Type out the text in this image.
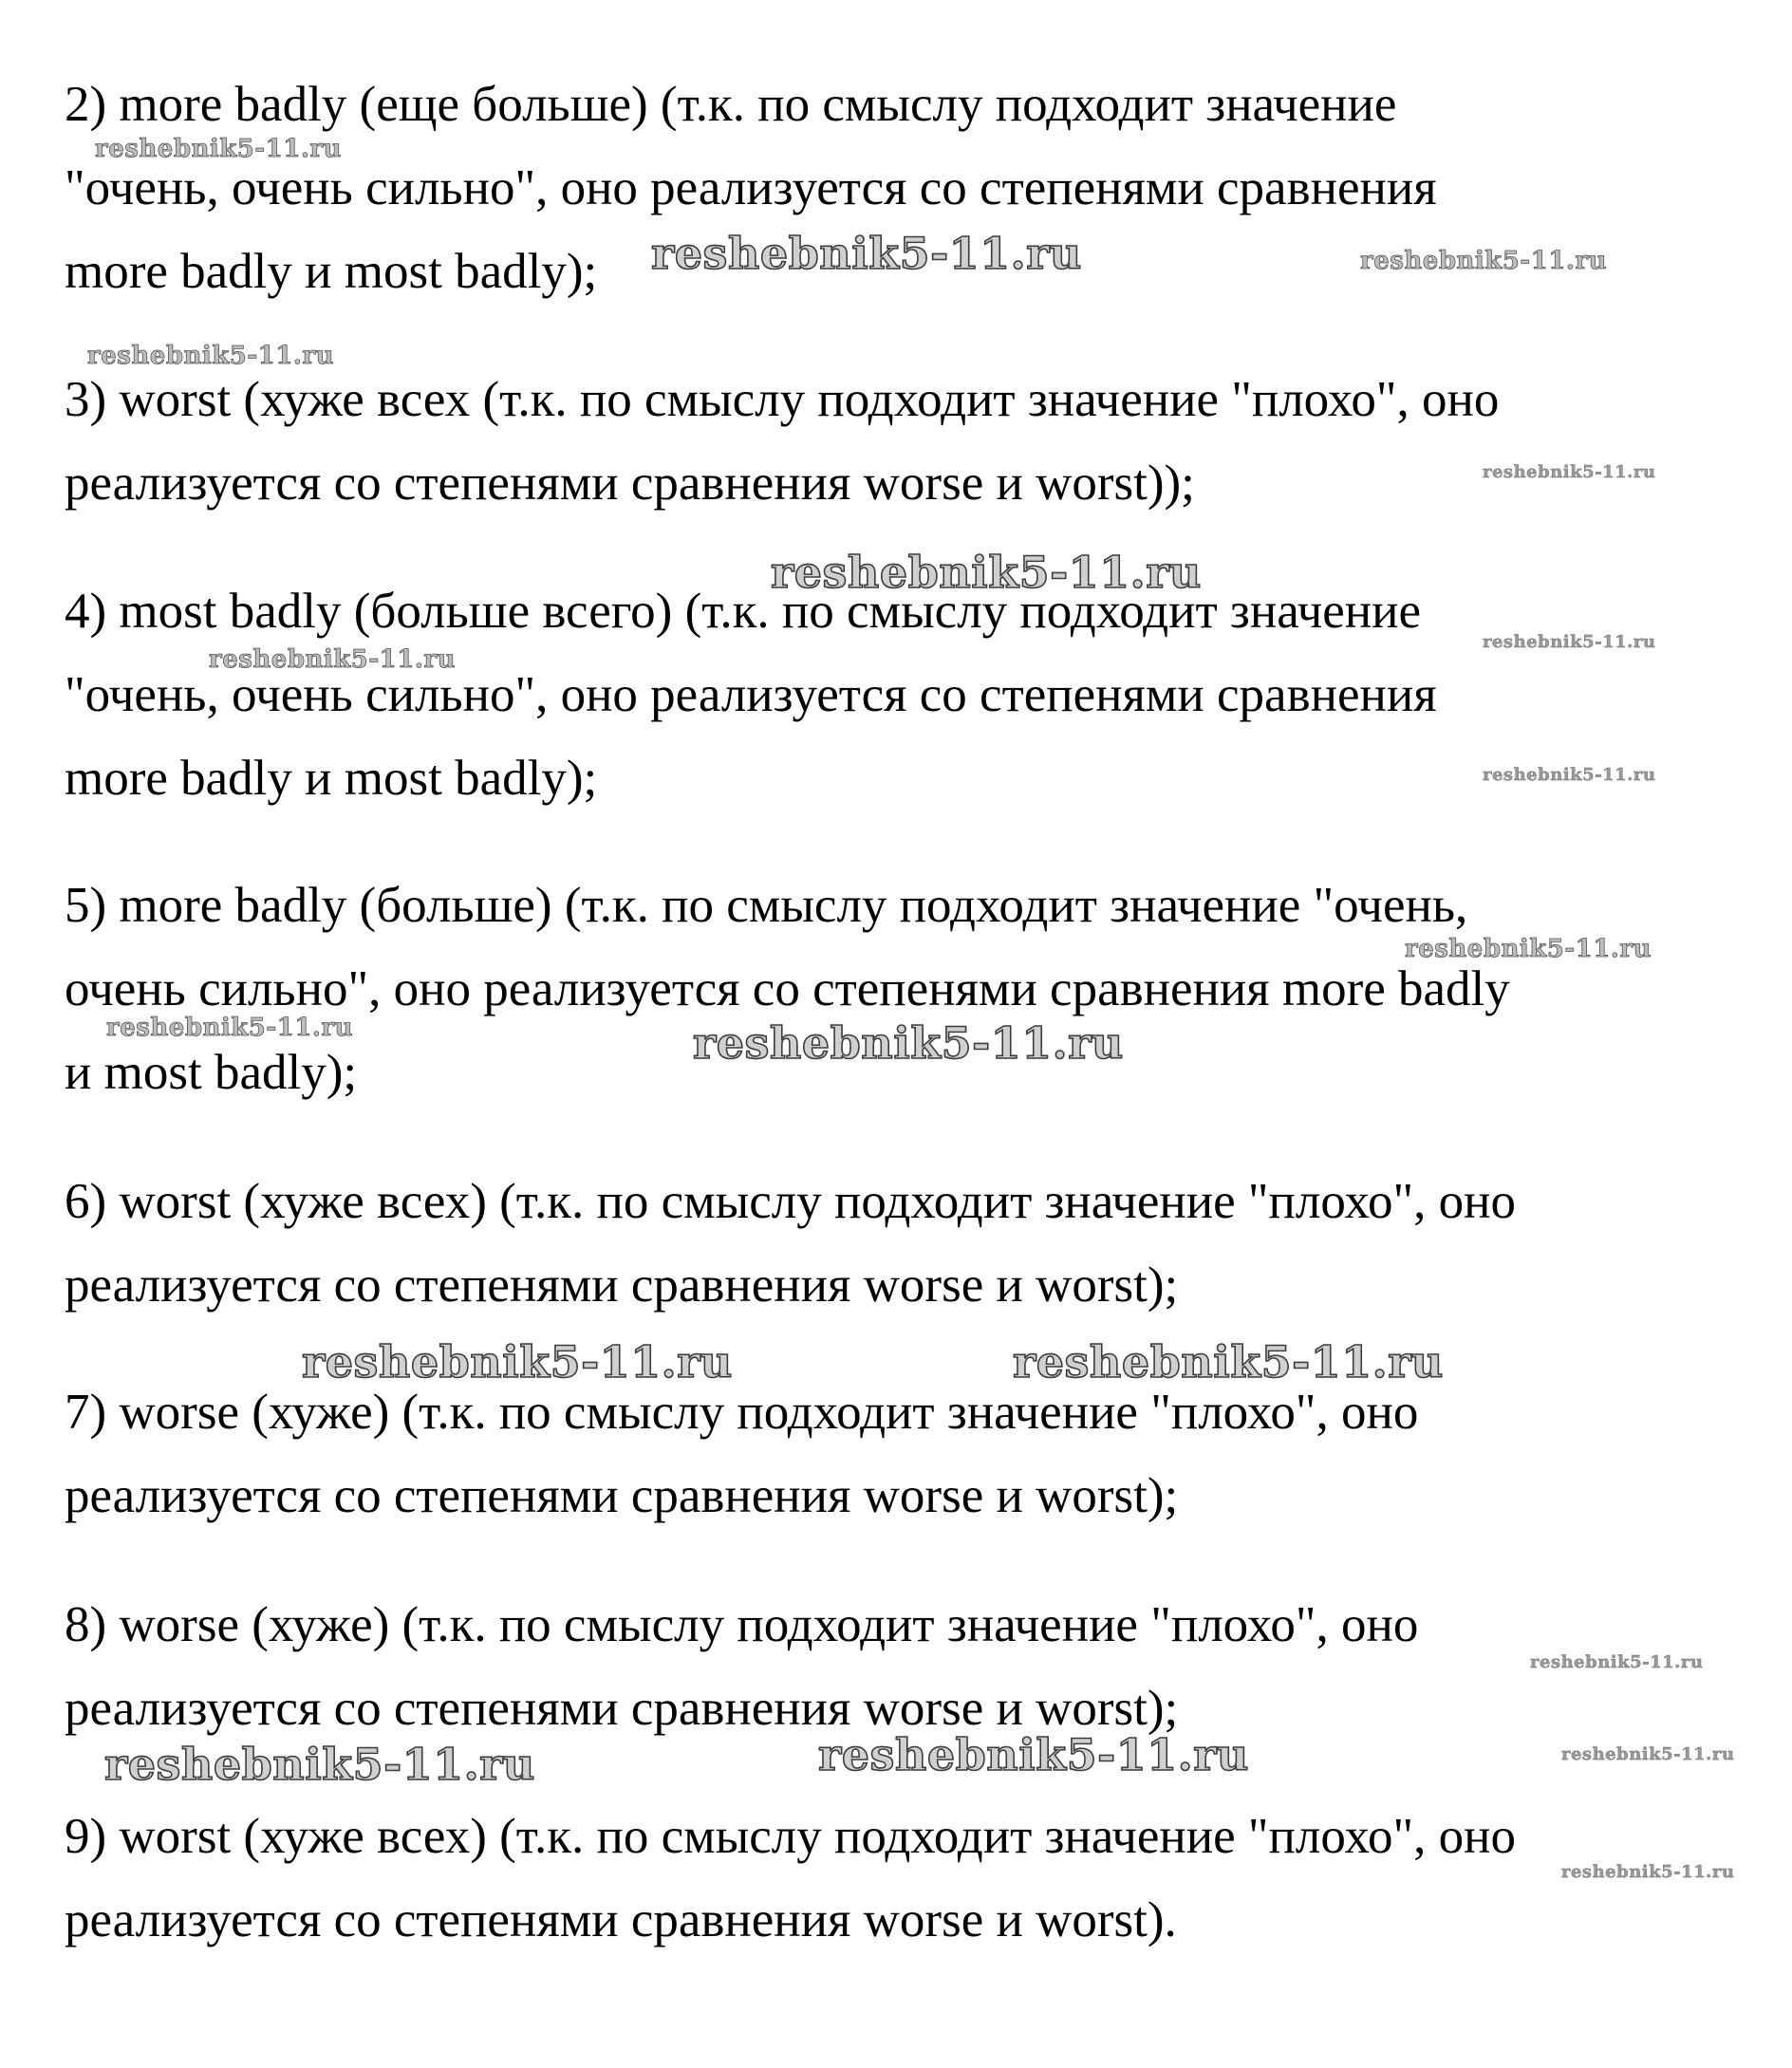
2) more badly (еще больше) (т.к. по смыслу подходит значение
"очень, очень сильно", оно реализуется со степенями сравнения
more badly и most badly);
3) worst (хуже всех (т.к. по смыслу подходит значение "плохо", оно
реализуется со степенями сравнения worse и worst));
4) most badly (больше всего) (т.к. по смыслу подходит значение
"очень, очень сильно", оно реализуется со степенями сравнения
more badly и most badly);
5) more badly (больше) (т.к. по смыслу подходит значение "очень,
очень сильно", оно реализуется со степенями сравнения more badly
и most badly);
6) worst (хуже всех) (т.к. по смыслу подходит значение "плохо", оно
реализуется со степенями сравнения worse и worst);
7) worse (хуже) (т.к. по смыслу подходит значение "плохо", оно
реализуется со степенями сравнения worse и worst);
8) worse (хуже) (т.к. по смыслу подходит значение "плохо", оно
реализуется со степенями сравнения worse и worst);
9) worst (хуже всех) (т.к. по смыслу подходит значение "плохо", оно
реализуется со степенями сравнения worse и worst).
reshebnik5-11.ru
reshebnik5-11.ru	reshebnik5-11.ru
reshebnik5-11.ru
reshebnik5-11.ru
reshebnik5-11.ru
reshebnik5-11.ru
reshebnik5-11.ru
reshebnik5-11.ru
reshebnik5-11.ru
reshebnik5-11.ru	reshebnik5-11.ru
reshebnik5-11.ru	reshebnik5-11.ru
reshebnik5-11.ru
reshebnik5-11.ru	reshebnik5-11.ru	reshebnik5-11.ru
reshebnik5-11.ru
